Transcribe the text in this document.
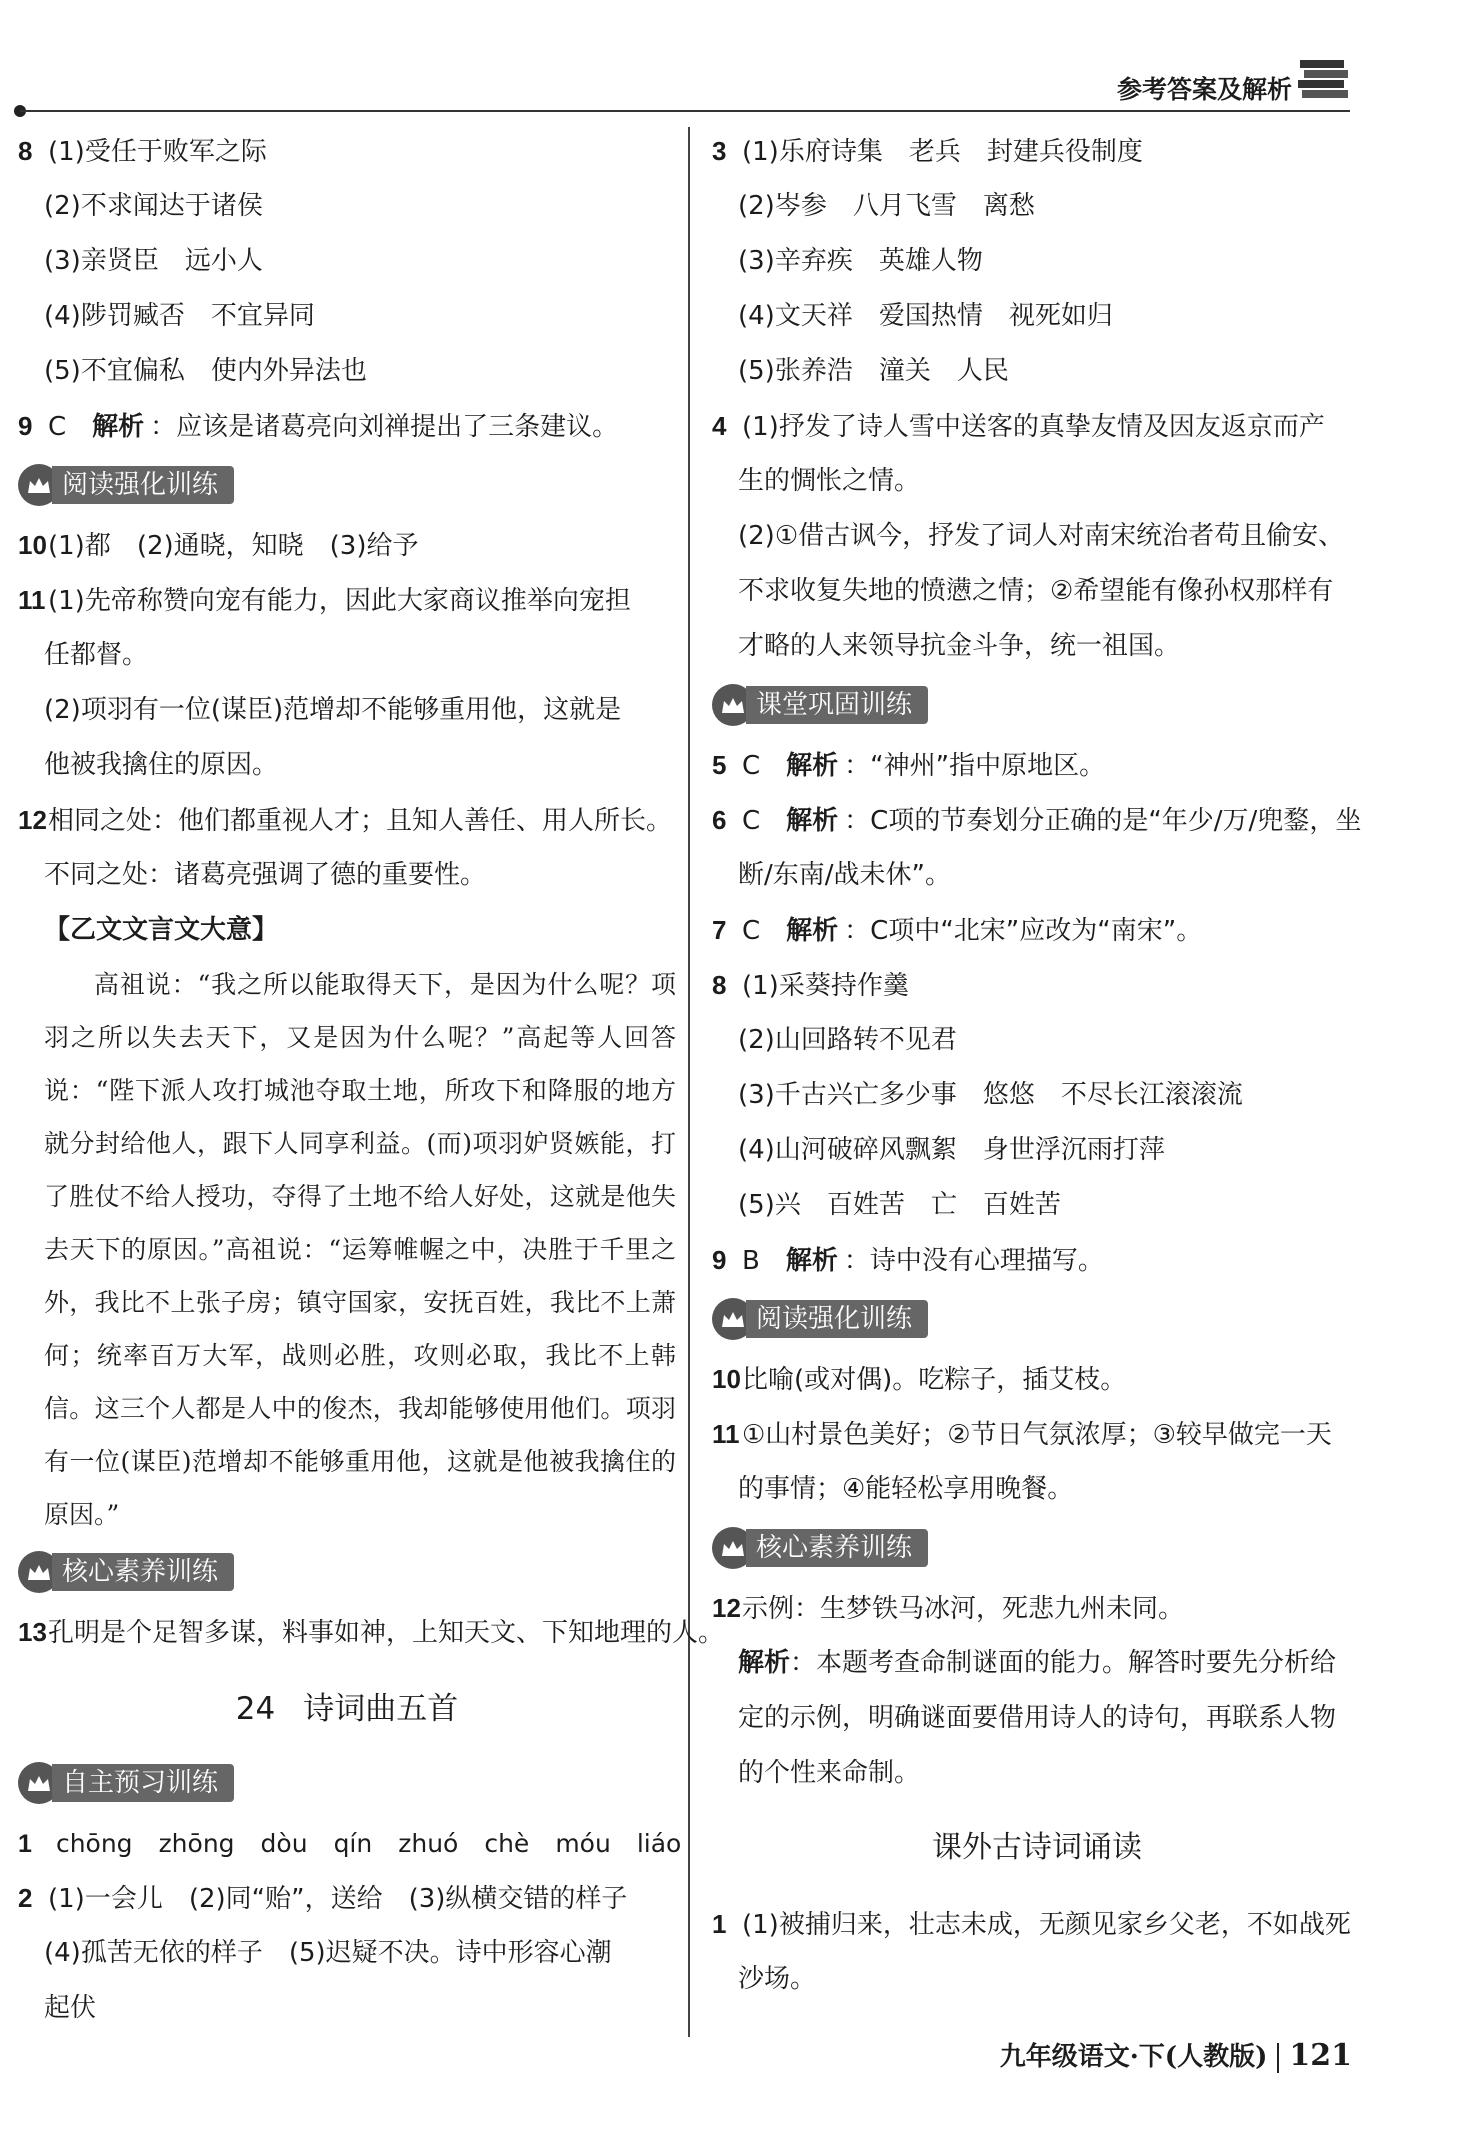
参考答案及解析
8 (1)受任于败军之际
(2)不求闻达于诸侯
(3)亲贤臣　远小人
(4)陟罚臧否　不宜异同
(5)不宜偏私　使内外异法也
9 C 解析 ：应该是诸葛亮向刘禅提出了三条建议。
阅读强化训练
10(1)都　(2)通晓，知晓　(3)给予
11(1)先帝称赞向宠有能力，因此大家商议推举向宠担
任都督。
(2)项羽有一位(谋臣)范增却不能够重用他，这就是
他被我擒住的原因。
12相同之处：他们都重视人才；且知人善任、用人所长。
不同之处：诸葛亮强调了德的重要性。
【乙文文言文大意】
高祖说：“我之所以能取得天下，是因为什么呢？项羽之所以失去天下，又是因为什么呢？”高起等人回答说：“陛下派人攻打城池夺取土地，所攻下和降服的地方就分封给他人，跟下人同享利益。(而)项羽妒贤嫉能，打了胜仗不给人授功，夺得了土地不给人好处，这就是他失去天下的原因。”高祖说：“运筹帷幄之中，决胜于千里之外，我比不上张子房；镇守国家，安抚百姓，我比不上萧何；统率百万大军，战则必胜，攻则必取，我比不上韩信。这三个人都是人中的俊杰，我却能够使用他们。项羽有一位(谋臣)范增却不能够重用他，这就是他被我擒住的原因。”
核心素养训练
13孔明是个足智多谋，料事如神，上知天文、下知地理的人。
24 诗词曲五首
自主预习训练
1 chōng zhōng dòu qín zhuó chè móu liáo
2 (1)一会儿　(2)同“贻”，送给　(3)纵横交错的样子
(4)孤苦无依的样子　(5)迟疑不决。诗中形容心潮
起伏
3 (1)乐府诗集　老兵　封建兵役制度
(2)岑参　八月飞雪　离愁
(3)辛弃疾　英雄人物
(4)文天祥　爱国热情　视死如归
(5)张养浩　潼关　人民
4 (1)抒发了诗人雪中送客的真挚友情及因友返京而产
生的惆怅之情。
(2)①借古讽今，抒发了词人对南宋统治者苟且偷安、
不求收复失地的愤懑之情；②希望能有像孙权那样有
才略的人来领导抗金斗争，统一祖国。
课堂巩固训练
5 C 解析 ：“神州”指中原地区。
6 C 解析 ：C项的节奏划分正确的是“年少/万/兜鍪，坐
断/东南/战未休”。
7 C 解析 ：C项中“北宋”应改为“南宋”。
8 (1)采葵持作羹
(2)山回路转不见君
(3)千古兴亡多少事　悠悠　不尽长江滚滚流
(4)山河破碎风飘絮　身世浮沉雨打萍
(5)兴　百姓苦　亡　百姓苦
9 B 解析 ：诗中没有心理描写。
阅读强化训练
10比喻(或对偶)。吃粽子，插艾枝。
11①山村景色美好；②节日气氛浓厚；③较早做完一天
的事情；④能轻松享用晚餐。
核心素养训练
12示例：生梦铁马冰河，死悲九州未同。
解析：本题考查命制谜面的能力。解答时要先分析给
定的示例，明确谜面要借用诗人的诗句，再联系人物
的个性来命制。
课外古诗词诵读
1 (1)被捕归来，壮志未成，无颜见家乡父老，不如战死
沙场。
九年级语文·下(人教版) 121
